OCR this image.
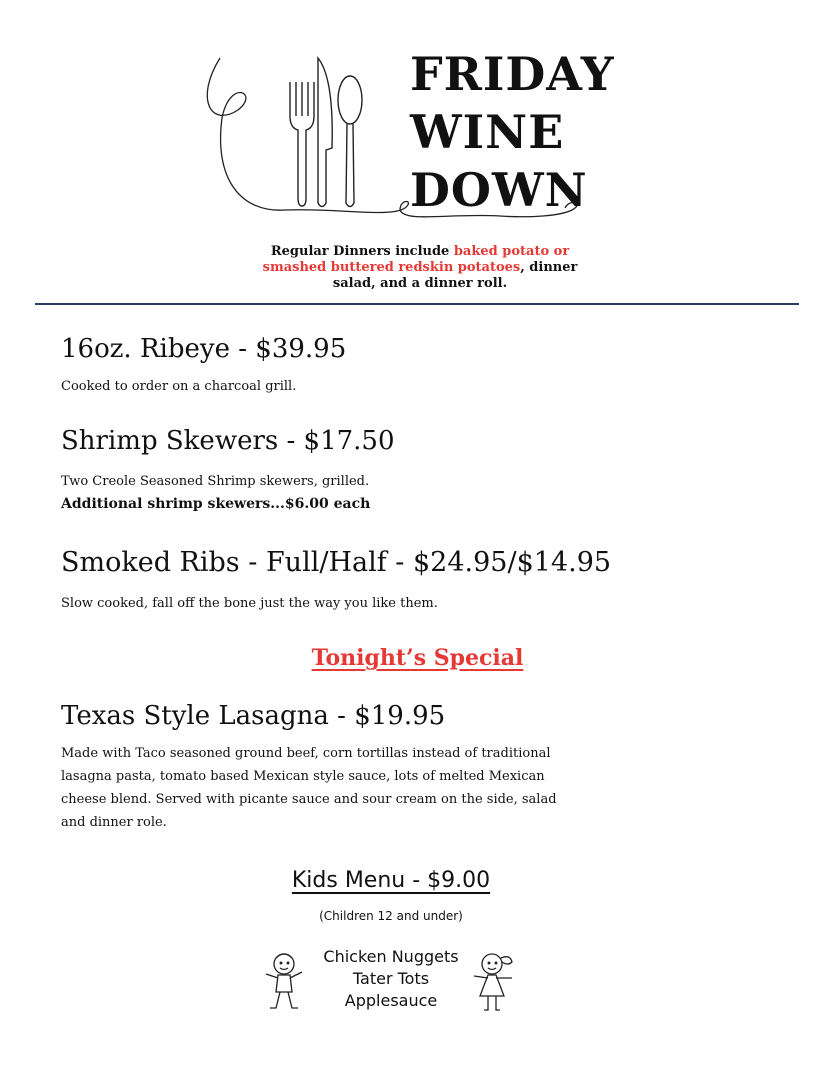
FRIDAY
WINE
DOWN
Regular Dinners include baked potato or smashed buttered redskin potatoes, dinner salad, and a dinner roll.
16oz. Ribeye - $39.95
Cooked to order on a charcoal grill.
Shrimp Skewers - $17.50
Two Creole Seasoned Shrimp skewers, grilled.
Additional shrimp skewers...$6.00 each
Smoked Ribs - Full/Half - $24.95/$14.95
Slow cooked, fall off the bone just the way you like them.
Tonight’s Special
Texas Style Lasagna - $19.95
Made with Taco seasoned ground beef, corn tortillas instead of traditional
lasagna pasta, tomato based Mexican style sauce, lots of melted Mexican
cheese blend. Served with picante sauce and sour cream on the side, salad
and dinner role.
Kids Menu - $9.00
(Children 12 and under)
Chicken Nuggets
Tater Tots
Applesauce
